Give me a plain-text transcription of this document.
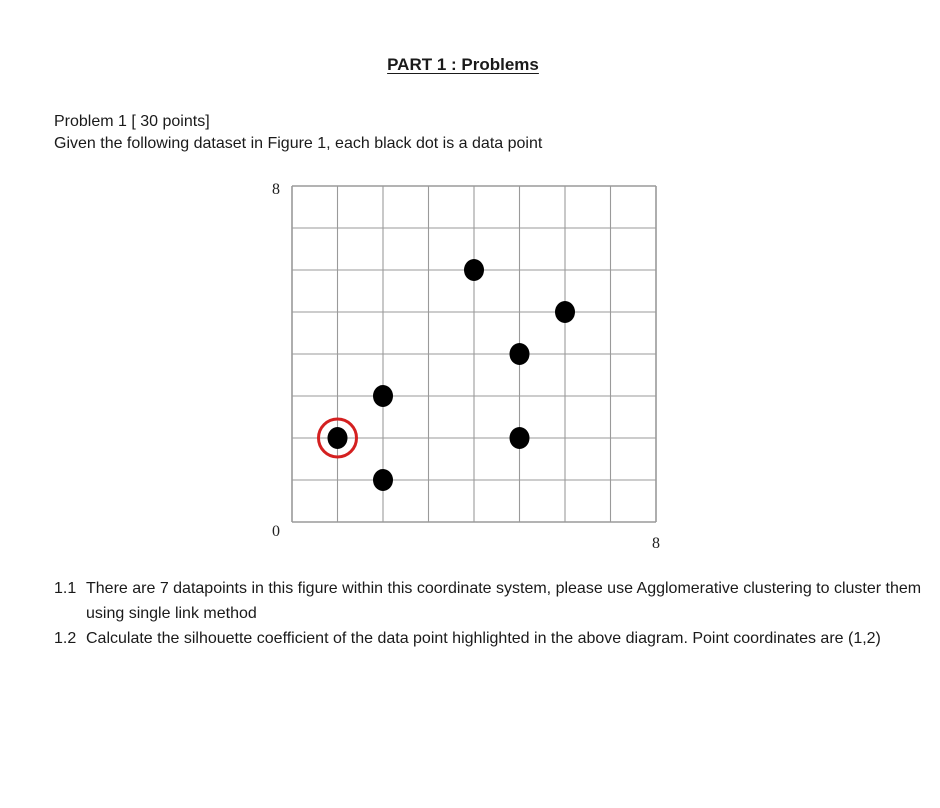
PART 1 : Problems
Problem 1 [ 30 points]
Given the following dataset in Figure 1, each black dot is a data point
8
0
8
1.1 There are 7 datapoints in this figure within this coordinate system, please use Agglomerative clustering to cluster them using single link method
1.2 Calculate the silhouette coefficient of the data point highlighted in the above diagram. Point coordinates are (1,2)
